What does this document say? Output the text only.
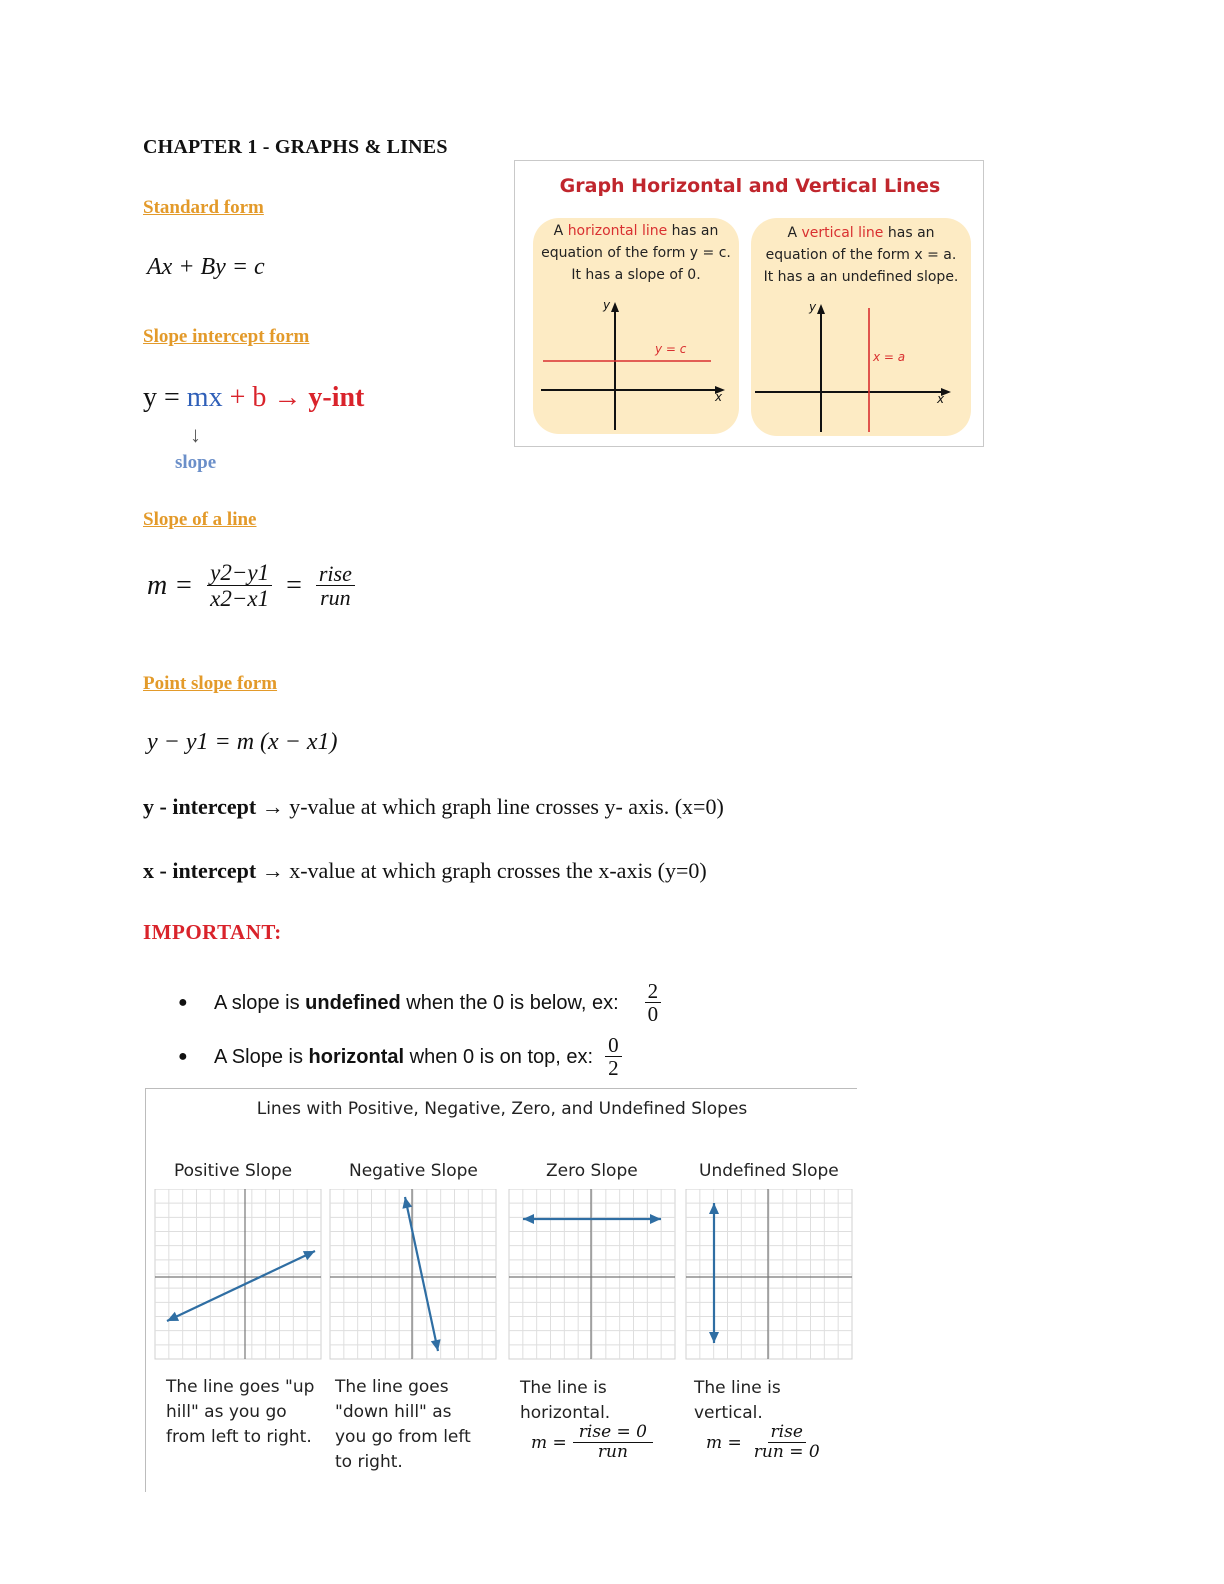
CHAPTER 1 - GRAPHS & LINES
Standard form
Ax + By = c
Slope intercept form
y = mx + b → y-int
↓
slope
Slope of a line
$m = \frac{y2-y1}{x2-x1} = \frac{\text{rise}}{\text{run}}$
Point slope form
y − y1 = m (x − x1)
y - intercept → y-value at which graph line crosses y- axis. (x=0)
x - intercept → x-value at which graph crosses the x-axis (y=0)
IMPORTANT:
●	A slope is
undefined
when the 0 is below, ex: $\frac{2}{0}$
●	A Slope is
horizontal
when 0 is on top, ex: $\frac{0}{2}$
Graph Horizontal and Vertical Lines
A horizontal line has an
equation of the form y = c.
It has a slope of 0.
y
x
y = c
A vertical line has an
equation of the form x = a.
It has a an undefined slope.
y
x
x = a
Lines with Positive, Negative, Zero, and Undefined Slopes
Positive Slope	Negative Slope	Zero Slope	Undefined Slope
The line goes "up
hill" as you go
from left to right.
The line goes
"down hill" as
you go from left
to right.
The line is
horizontal.
$m = \frac{\text{rise = 0}}{\text{run}}$
The line is
vertical.
$m = \frac{\text{rise}}{\text{run = 0}}$
